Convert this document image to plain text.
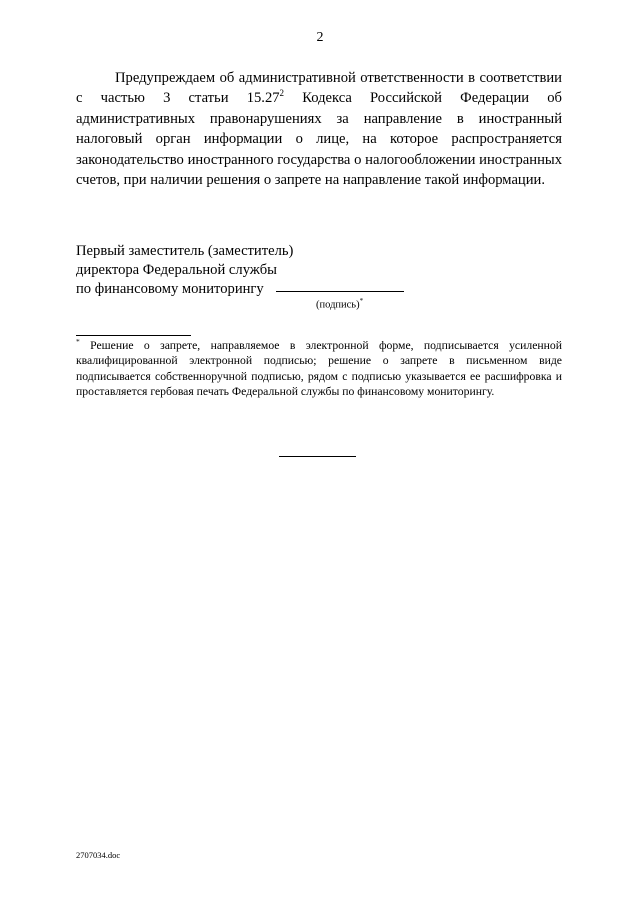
2

Предупреждаем об административной ответственности в соответствии с частью 3 статьи 15.27$^2$ Кодекса Российской Федерации об административных правонарушениях за направление в иностранный налоговый орган информации о лице, на которое распространяется законодательство иностранного государства о налогообложении иностранных счетов, при наличии решения о запрете на направление такой информации.

Первый заместитель (заместитель)
директора Федеральной службы
по финансовому мониторингу
(подпись)*

* Решение о запрете, направляемое в электронной форме, подписывается усиленной квалифицированной электронной подписью; решение о запрете в письменном виде подписывается собственноручной подписью, рядом с подписью указывается ее расшифровка и проставляется гербовая печать Федеральной службы по финансовому мониторингу.

2707034.doc
